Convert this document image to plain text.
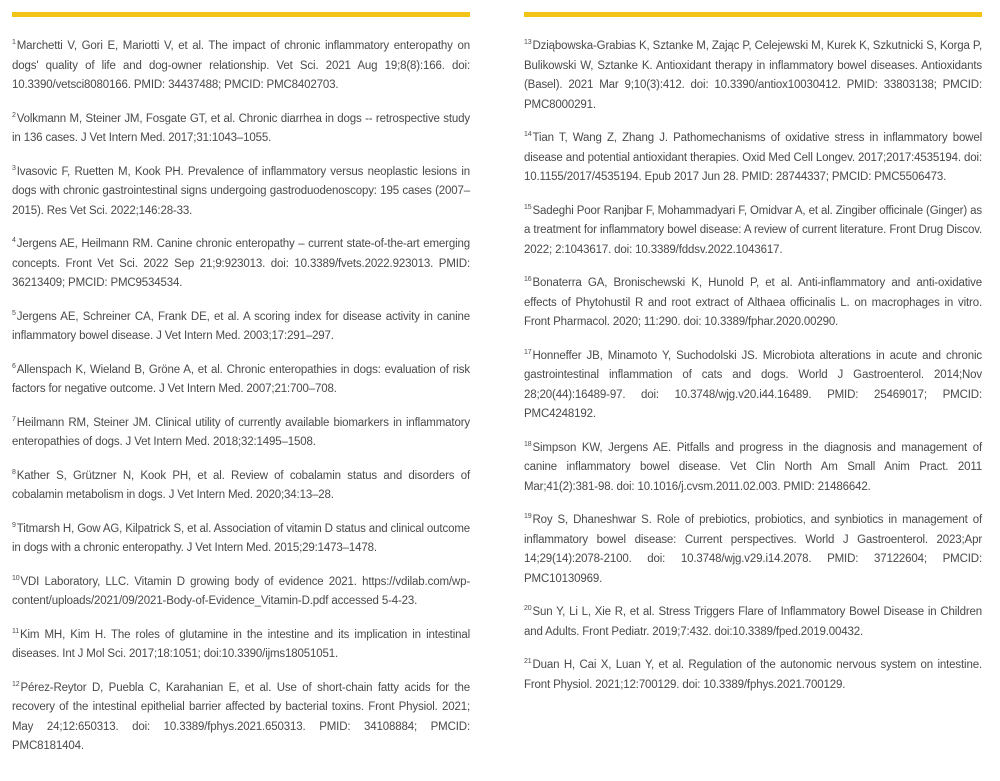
$^1$Marchetti V, Gori E, Mariotti V, et al. The impact of chronic inflammatory enteropathy on dogs' quality of life and dog-owner relationship. Vet Sci. 2021 Aug 19;8(8):166. doi: 10.3390/vetsci8080166. PMID: 34437488; PMCID: PMC8402703.

$^2$Volkmann M, Steiner JM, Fosgate GT, et al. Chronic diarrhea in dogs -- retrospective study in 136 cases. J Vet Intern Med. 2017;31:1043–1055.

$^3$Ivasovic F, Ruetten M, Kook PH. Prevalence of inflammatory versus neoplastic lesions in dogs with chronic gastrointestinal signs undergoing gastroduodenoscopy: 195 cases (2007–2015). Res Vet Sci. 2022;146:28-33.

$^4$Jergens AE, Heilmann RM. Canine chronic enteropathy – current state-of-the-art emerging concepts. Front Vet Sci. 2022 Sep 21;9:923013. doi: 10.3389/fvets.2022.923013. PMID: 36213409; PMCID: PMC9534534.

$^5$Jergens AE, Schreiner CA, Frank DE, et al. A scoring index for disease activity in canine inflammatory bowel disease. J Vet Intern Med. 2003;17:291–297.

$^6$Allenspach K, Wieland B, Gröne A, et al. Chronic enteropathies in dogs: evaluation of risk factors for negative outcome. J Vet Intern Med. 2007;21:700–708.

$^7$Heilmann RM, Steiner JM. Clinical utility of currently available biomarkers in inflammatory enteropathies of dogs. J Vet Intern Med. 2018;32:1495–1508.

$^8$Kather S, Grützner N, Kook PH, et al. Review of cobalamin status and disorders of cobalamin metabolism in dogs. J Vet Intern Med. 2020;34:13–28.

$^9$Titmarsh H, Gow AG, Kilpatrick S, et al. Association of vitamin D status and clinical outcome in dogs with a chronic enteropathy. J Vet Intern Med. 2015;29:1473–1478.

$^{10}$VDI Laboratory, LLC. Vitamin D growing body of evidence 2021. https://vdilab.com/wp-content/uploads/2021/09/2021-Body-of-Evidence_Vitamin-D.pdf accessed 5-4-23.

$^{11}$Kim MH, Kim H. The roles of glutamine in the intestine and its implication in intestinal diseases. Int J Mol Sci. 2017;18:1051; doi:10.3390/ijms18051051.

$^{12}$Pérez-Reytor D, Puebla C, Karahanian E, et al. Use of short-chain fatty acids for the recovery of the intestinal epithelial barrier affected by bacterial toxins. Front Physiol. 2021; May 24;12:650313. doi: 10.3389/fphys.2021.650313. PMID: 34108884; PMCID: PMC8181404.

$^{13}$Dziąbowska-Grabias K, Sztanke M, Zając P, Celejewski M, Kurek K, Szkutnicki S, Korga P, Bulikowski W, Sztanke K. Antioxidant therapy in inflammatory bowel diseases. Antioxidants (Basel). 2021 Mar 9;10(3):412. doi: 10.3390/antiox10030412. PMID: 33803138; PMCID: PMC8000291.

$^{14}$Tian T, Wang Z, Zhang J. Pathomechanisms of oxidative stress in inflammatory bowel disease and potential antioxidant therapies. Oxid Med Cell Longev. 2017;2017:4535194. doi: 10.1155/2017/4535194. Epub 2017 Jun 28. PMID: 28744337; PMCID: PMC5506473.

$^{15}$Sadeghi Poor Ranjbar F, Mohammadyari F, Omidvar A, et al. Zingiber officinale (Ginger) as a treatment for inflammatory bowel disease: A review of current literature. Front Drug Discov. 2022; 2:1043617. doi: 10.3389/fddsv.2022.1043617.

$^{16}$Bonaterra GA, Bronischewski K, Hunold P, et al. Anti-inflammatory and anti-oxidative effects of Phytohustil R and root extract of Althaea officinalis L. on macrophages in vitro. Front Pharmacol. 2020; 11:290. doi: 10.3389/fphar.2020.00290.

$^{17}$Honneffer JB, Minamoto Y, Suchodolski JS. Microbiota alterations in acute and chronic gastrointestinal inflammation of cats and dogs. World J Gastroenterol. 2014;Nov 28;20(44):16489-97. doi: 10.3748/wjg.v20.i44.16489. PMID: 25469017; PMCID: PMC4248192.

$^{18}$Simpson KW, Jergens AE. Pitfalls and progress in the diagnosis and management of canine inflammatory bowel disease. Vet Clin North Am Small Anim Pract. 2011 Mar;41(2):381-98. doi: 10.1016/j.cvsm.2011.02.003. PMID: 21486642.

$^{19}$Roy S, Dhaneshwar S. Role of prebiotics, probiotics, and synbiotics in management of inflammatory bowel disease: Current perspectives. World J Gastroenterol. 2023;Apr 14;29(14):2078-2100. doi: 10.3748/wjg.v29.i14.2078. PMID: 37122604; PMCID: PMC10130969.

$^{20}$Sun Y, Li L, Xie R, et al. Stress Triggers Flare of Inflammatory Bowel Disease in Children and Adults. Front Pediatr. 2019;7:432. doi:10.3389/fped.2019.00432.

$^{21}$Duan H, Cai X, Luan Y, et al. Regulation of the autonomic nervous system on intestine. Front Physiol. 2021;12:700129. doi: 10.3389/fphys.2021.700129.
